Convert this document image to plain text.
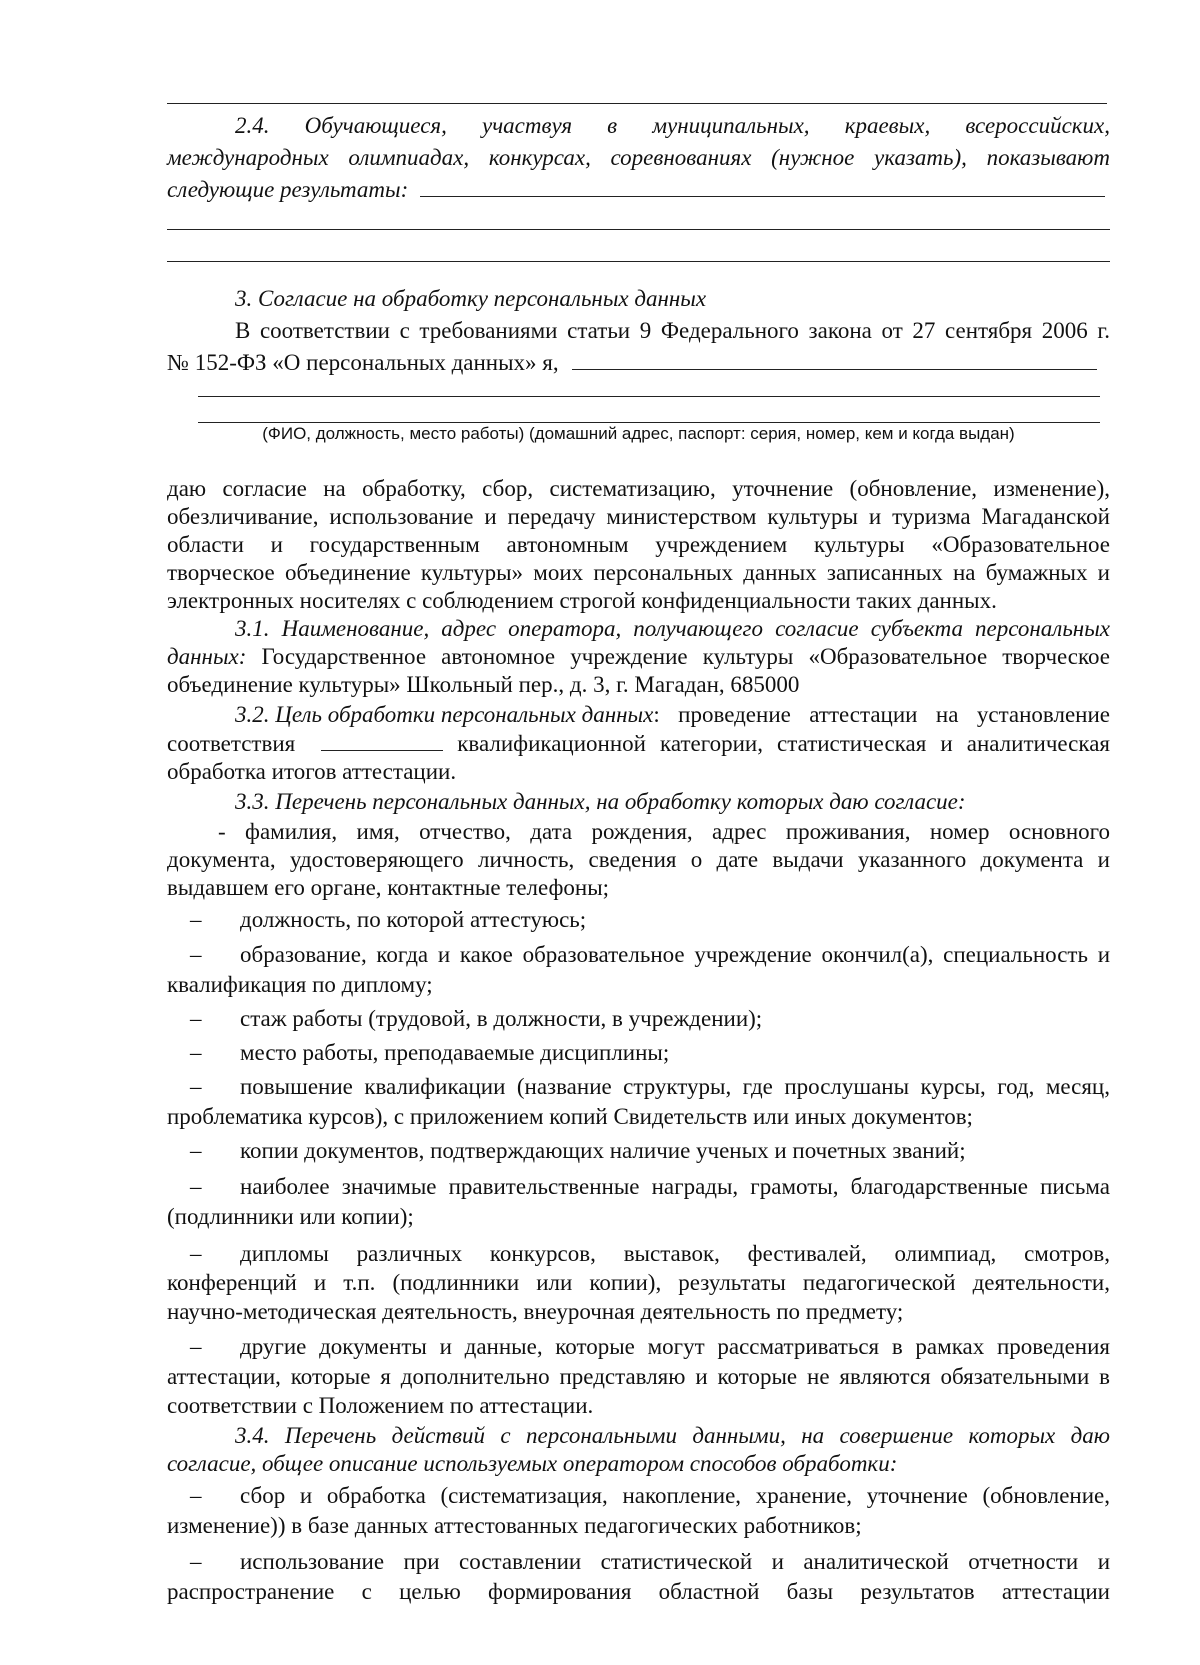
2.4. Обучающиеся, участвуя в муниципальных, краевых, всероссийских,
международных олимпиадах, конкурсах, соревнованиях (нужное указать), показывают
следующие результаты:
3. Согласие на обработку персональных данных
В соответствии с требованиями статьи 9 Федерального закона от 27 сентября 2006 г.
№ 152-ФЗ «О персональных данных» я,
(ФИО, должность, место работы) (домашний адрес, паспорт: серия, номер, кем и когда выдан)
даю согласие на обработку, сбор, систематизацию, уточнение (обновление, изменение),
обезличивание, использование и передачу министерством культуры и туризма Магаданской
области и государственным автономным учреждением культуры «Образовательное
творческое объединение культуры» моих персональных данных записанных на бумажных и
электронных носителях с соблюдением строгой конфиденциальности таких данных.
3.1. Наименование, адрес оператора, получающего согласие субъекта персональных
данных: Государственное автономное учреждение культуры «Образовательное творческое
объединение культуры» Школьный пер., д. 3, г. Магадан, 685000
3.2. Цель обработки персональных данных : проведение аттестации на установление
соответствия	квалификационной категории, статистическая и аналитическая
обработка итогов аттестации.
3.3. Перечень персональных данных, на обработку которых даю согласие:
- фамилия, имя, отчество, дата рождения, адрес проживания, номер основного
документа, удостоверяющего личность, сведения о дате выдачи указанного документа и
выдавшем его органе, контактные телефоны;
– должность, по которой аттестуюсь;
– образование, когда и какое образовательное учреждение окончил(а), специальность и
квалификация по диплому;
– стаж работы (трудовой, в должности, в учреждении);
– место работы, преподаваемые дисциплины;
– повышение квалификации (название структуры, где прослушаны курсы, год, месяц,
проблематика курсов), с приложением копий Свидетельств или иных документов;
– копии документов, подтверждающих наличие ученых и почетных званий;
– наиболее значимые правительственные награды, грамоты, благодарственные письма
(подлинники или копии);
– дипломы различных конкурсов, выставок, фестивалей, олимпиад, смотров,
конференций и т.п. (подлинники или копии), результаты педагогической деятельности,
научно-методическая деятельность, внеурочная деятельность по предмету;
– другие документы и данные, которые могут рассматриваться в рамках проведения
аттестации, которые я дополнительно представляю и которые не являются обязательными в
соответствии с Положением по аттестации.
3.4. Перечень действий с персональными данными, на совершение которых даю
согласие, общее описание используемых оператором способов обработки:
– сбор и обработка (систематизация, накопление, хранение, уточнение (обновление,
изменение)) в базе данных аттестованных педагогических работников;
– использование при составлении статистической и аналитической отчетности и
распространение с целью формирования областной базы результатов аттестации
